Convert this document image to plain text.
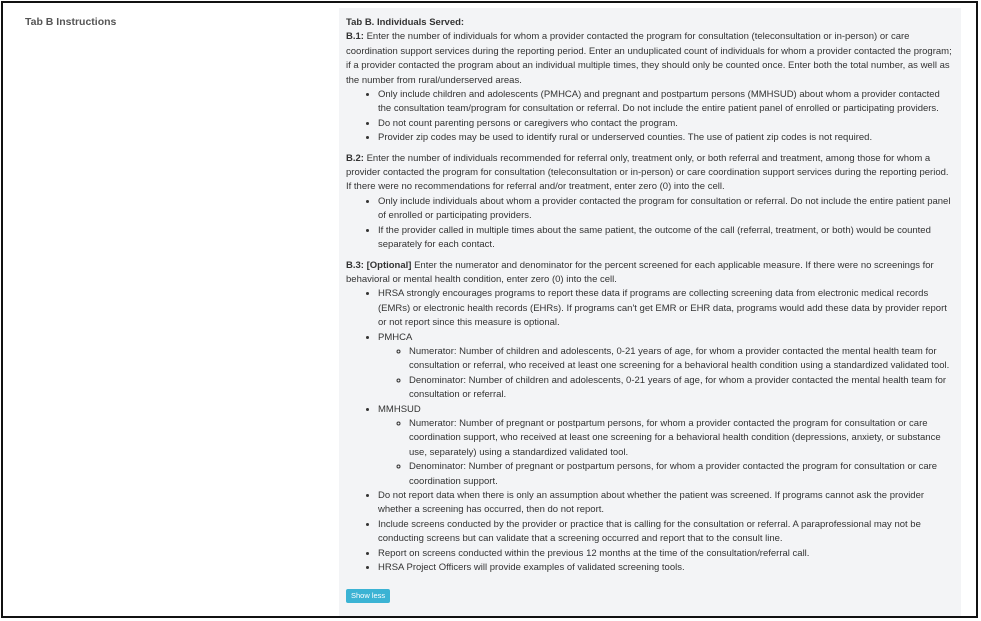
Tab B Instructions	Tab B. Individuals Served:

B.1: Enter the number of individuals for whom a provider contacted the program for consultation (teleconsultation or in-person) or care coordination support services during the reporting period. Enter an unduplicated count of individuals for whom a provider contacted the program; if a provider contacted the program about an individual multiple times, they should only be counted once. Enter both the total number, as well as the number from rural/underserved areas.

• Only include children and adolescents (PMHCA) and pregnant and postpartum persons (MMHSUD) about whom a provider contacted the consultation team/program for consultation or referral. Do not include the entire patient panel of enrolled or participating providers.
• Do not count parenting persons or caregivers who contact the program.
• Provider zip codes may be used to identify rural or underserved counties. The use of patient zip codes is not required.

B.2: Enter the number of individuals recommended for referral only, treatment only, or both referral and treatment, among those for whom a provider contacted the program for consultation (teleconsultation or in-person) or care coordination support services during the reporting period. If there were no recommendations for referral and/or treatment, enter zero (0) into the cell.

• Only include individuals about whom a provider contacted the program for consultation or referral. Do not include the entire patient panel of enrolled or participating providers.
• If the provider called in multiple times about the same patient, the outcome of the call (referral, treatment, or both) would be counted separately for each contact.

B.3: [Optional] Enter the numerator and denominator for the percent screened for each applicable measure. If there were no screenings for behavioral or mental health condition, enter zero (0) into the cell.

• HRSA strongly encourages programs to report these data if programs are collecting screening data from electronic medical records (EMRs) or electronic health records (EHRs). If programs can't get EMR or EHR data, programs would add these data by provider report or not report since this measure is optional.
• PMHCA
◦ Numerator: Number of children and adolescents, 0-21 years of age, for whom a provider contacted the mental health team for consultation or referral, who received at least one screening for a behavioral health condition using a standardized validated tool.
◦ Denominator: Number of children and adolescents, 0-21 years of age, for whom a provider contacted the mental health team for consultation or referral.
• MMHSUD
◦ Numerator: Number of pregnant or postpartum persons, for whom a provider contacted the program for consultation or care coordination support, who received at least one screening for a behavioral health condition (depressions, anxiety, or substance use, separately) using a standardized validated tool.
◦ Denominator: Number of pregnant or postpartum persons, for whom a provider contacted the program for consultation or care coordination support.
• Do not report data when there is only an assumption about whether the patient was screened. If programs cannot ask the provider whether a screening has occurred, then do not report.
• Include screens conducted by the provider or practice that is calling for the consultation or referral. A paraprofessional may not be conducting screens but can validate that a screening occurred and report that to the consult line.
• Report on screens conducted within the previous 12 months at the time of the consultation/referral call.
• HRSA Project Officers will provide examples of validated screening tools.
Show less
